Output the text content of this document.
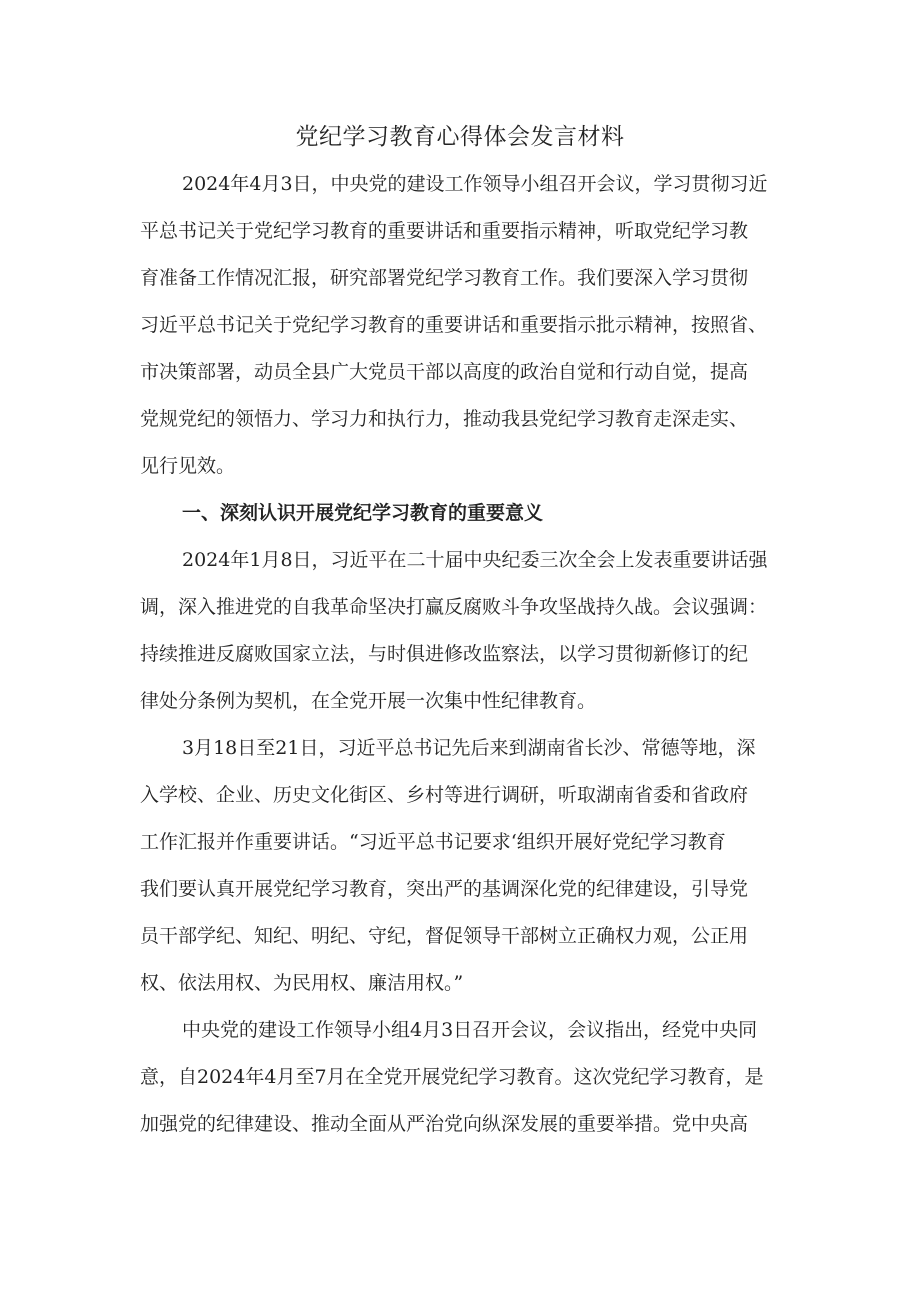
党纪学习教育心得体会发言材料

2024年4月3日，中央党的建设工作领导小组召开会议，学习贯彻习近
平总书记关于党纪学习教育的重要讲话和重要指示精神，听取党纪学习教
育准备工作情况汇报，研究部署党纪学习教育工作。我们要深入学习贯彻
习近平总书记关于党纪学习教育的重要讲话和重要指示批示精神，按照省、
市决策部署，动员全县广大党员干部以高度的政治自觉和行动自觉，提高
党规党纪的领悟力、学习力和执行力，推动我县党纪学习教育走深走实、
见行见效。

一、深刻认识开展党纪学习教育的重要意义

2024年1月8日，习近平在二十届中央纪委三次全会上发表重要讲话强
调，深入推进党的自我革命坚决打赢反腐败斗争攻坚战持久战。会议强调：
持续推进反腐败国家立法，与时俱进修改监察法，以学习贯彻新修订的纪
律处分条例为契机，在全党开展一次集中性纪律教育。

3月18日至21日，习近平总书记先后来到湖南省长沙、常德等地，深
入学校、企业、历史文化街区、乡村等进行调研，听取湖南省委和省政府
工作汇报并作重要讲话。“习近平总书记要求‘组织开展好党纪学习教育
我们要认真开展党纪学习教育，突出严的基调深化党的纪律建设，引导党
员干部学纪、知纪、明纪、守纪，督促领导干部树立正确权力观，公正用
权、依法用权、为民用权、廉洁用权。”

中央党的建设工作领导小组4月3日召开会议，会议指出，经党中央同
意，自2024年4月至7月在全党开展党纪学习教育。这次党纪学习教育，是
加强党的纪律建设、推动全面从严治党向纵深发展的重要举措。党中央高
